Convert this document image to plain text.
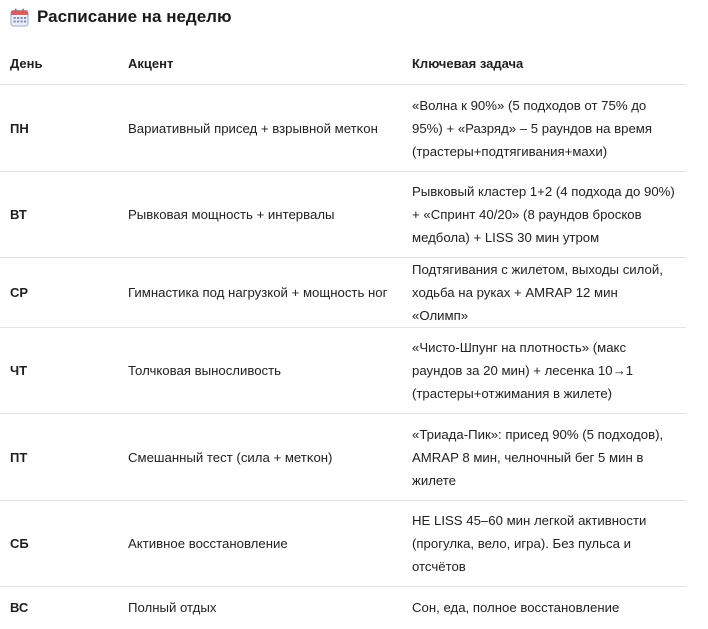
Расписание на неделю
День	Акцент	Ключевая задача
ПН	Вариативный присед + взрывной метκон	«Волна к 90%» (5 подходов от 75% до 95%) + «Разряд» – 5 раундов на время (трастеры+подтягивания+махи)
ВТ	Рывковая мощность + интервалы	Рывковый кластер 1+2 (4 подхода до 90%) + «Спринт 40/20» (8 раундов бросков медбола) + LISS 30 мин утром
СР	Гимнастика под нагрузкой + мощность ног	Подтягивания с жилетом, выходы силой, ходьба на руках + AMRAP 12 мин «Олимп»
ЧТ	Толчковая выносливость	«Чисто-Шпунг на плотность» (макс раундов за 20 мин) + лесенка 10→1 (трастеры+отжимания в жилете)
ПТ	Смешанный тест (сила + метκон)	«Триада-Пик»: присед 90% (5 подходов), AMRAP 8 мин, челночный бег 5 мин в жилете
СБ	Активное восстановление	НЕ LISS 45–60 мин легкой активности (прогулка, вело, игра). Без пульса и отсчётов
ВС	Полный отдых	Сон, еда, полное восстановление
